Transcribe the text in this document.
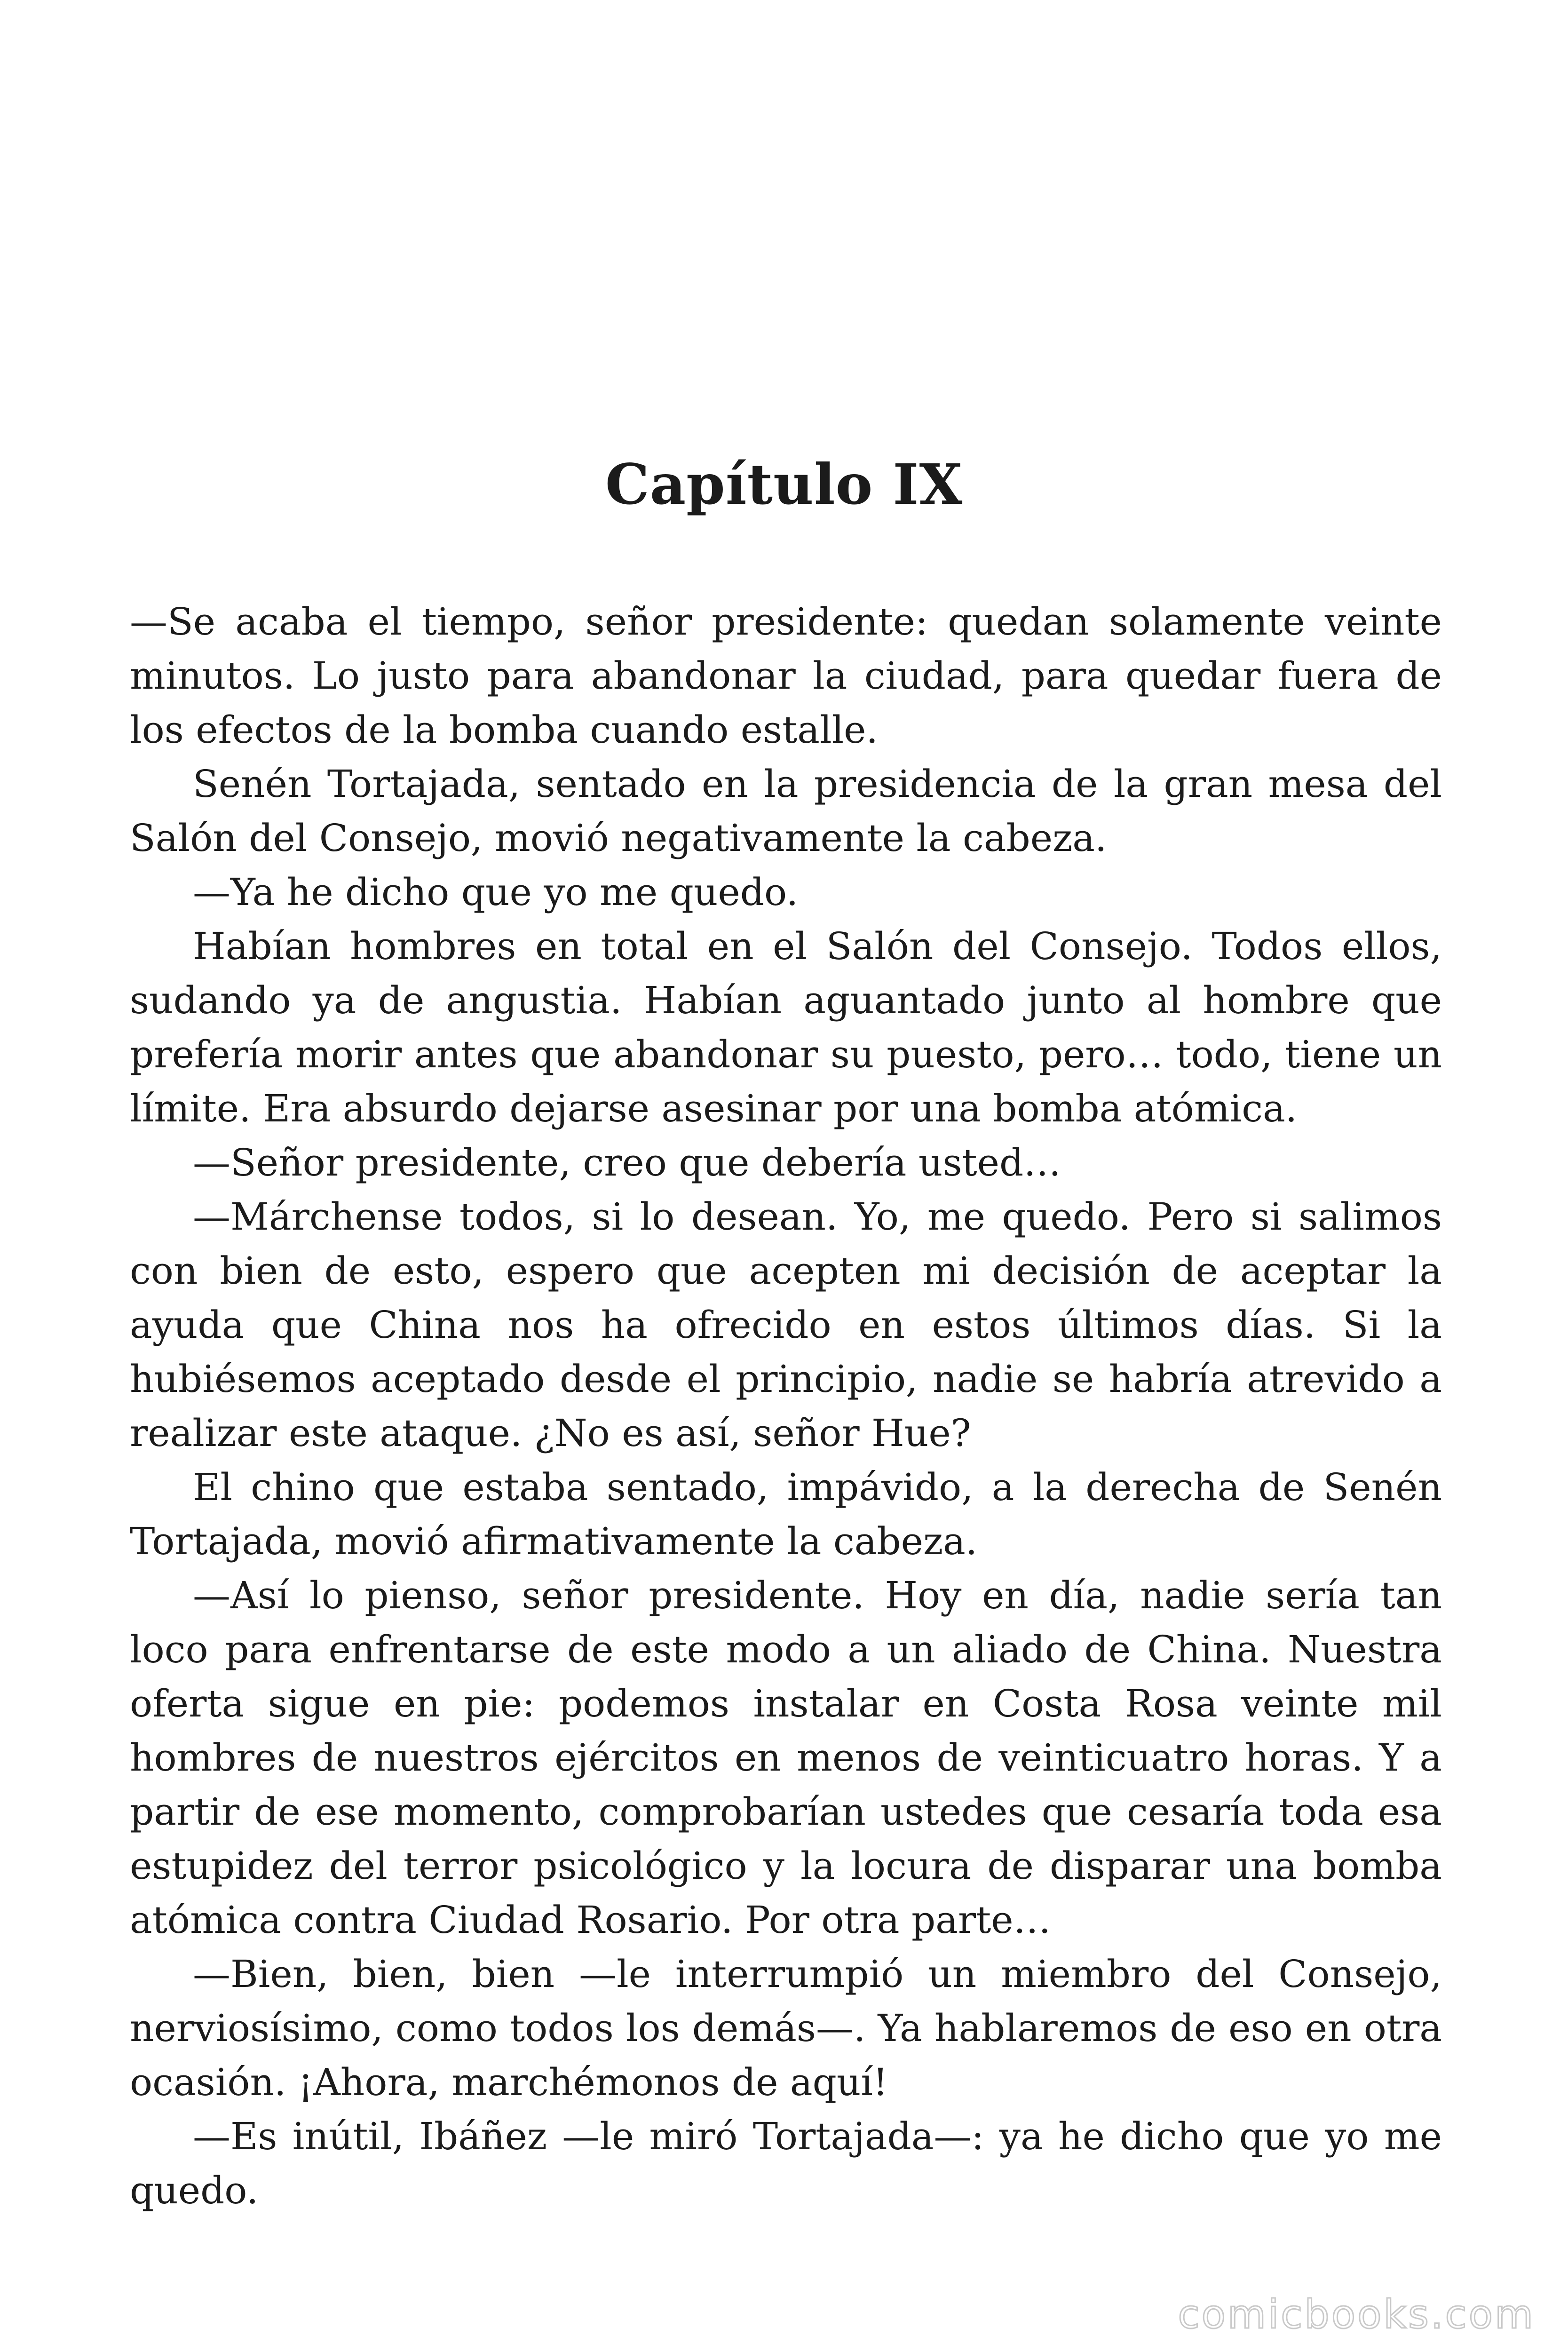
Capítulo IX

—Se acaba el tiempo, señor presidente: quedan solamente veinte minutos. Lo justo para abandonar la ciudad, para quedar fuera de los efectos de la bomba cuando estalle.

Senén Tortajada, sentado en la presidencia de la gran mesa del Salón del Consejo, movió negativamente la cabeza.

—Ya he dicho que yo me quedo.

Habían hombres en total en el Salón del Consejo. Todos ellos, sudando ya de angustia. Habían aguantado junto al hombre que prefería morir antes que abandonar su puesto, pero… todo, tiene un límite. Era absurdo dejarse asesinar por una bomba atómica.

—Señor presidente, creo que debería usted…

—Márchense todos, si lo desean. Yo, me quedo. Pero si salimos con bien de esto, espero que acepten mi decisión de aceptar la ayuda que China nos ha ofrecido en estos últimos días. Si la hubiésemos aceptado desde el principio, nadie se habría atrevido a realizar este ataque. ¿No es así, señor Hue?

El chino que estaba sentado, impávido, a la derecha de Senén Tortajada, movió afirmativamente la cabeza.

—Así lo pienso, señor presidente. Hoy en día, nadie sería tan loco para enfrentarse de este modo a un aliado de China. Nuestra oferta sigue en pie: podemos instalar en Costa Rosa veinte mil hombres de nuestros ejércitos en menos de veinticuatro horas. Y a partir de ese momento, comprobarían ustedes que cesaría toda esa estupidez del terror psicológico y la locura de disparar una bomba atómica contra Ciudad Rosario. Por otra parte…

—Bien, bien, bien —le interrumpió un miembro del Consejo, nerviosísimo, como todos los demás—. Ya hablaremos de eso en otra ocasión. ¡Ahora, marchémonos de aquí!

—Es inútil, Ibáñez —le miró Tortajada—: ya he dicho que yo me quedo.

comicbooks.com
